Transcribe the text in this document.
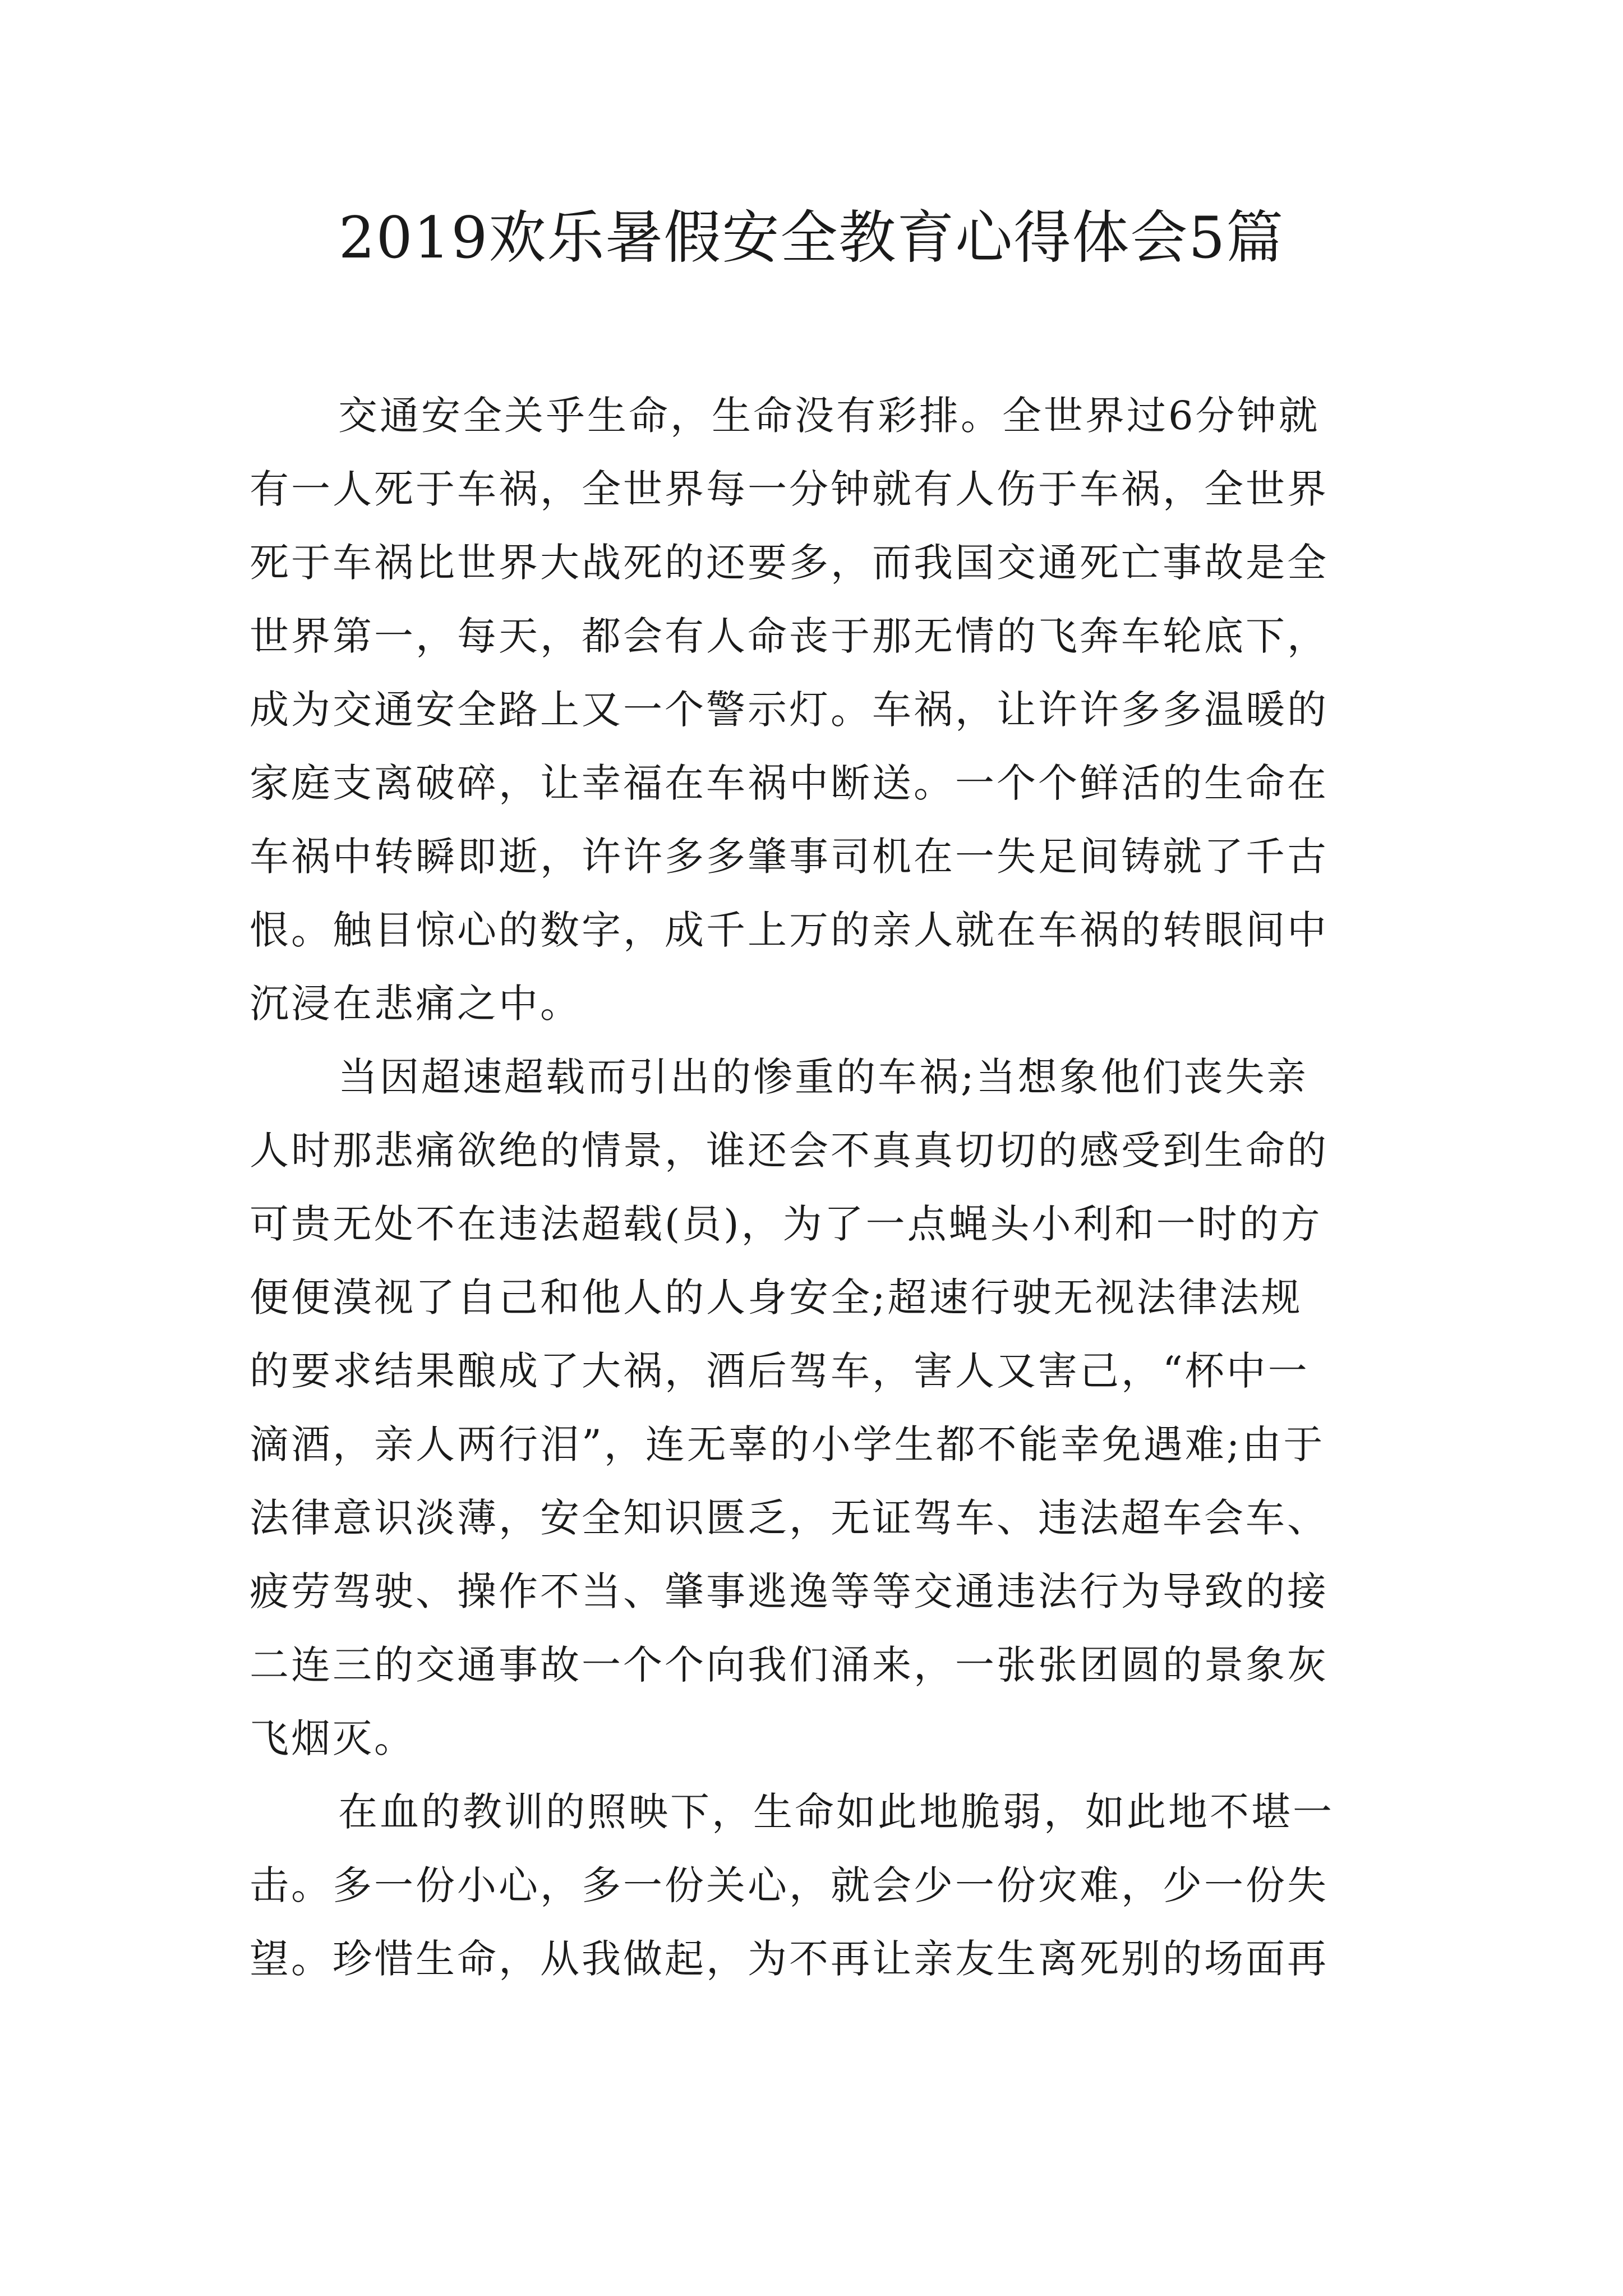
2019欢乐暑假安全教育心得体会5篇
交通安全关乎生命，生命没有彩排。全世界过6分钟就
有一人死于车祸，全世界每一分钟就有人伤于车祸，全世界
死于车祸比世界大战死的还要多，而我国交通死亡事故是全
世界第一，每天，都会有人命丧于那无情的飞奔车轮底下，
成为交通安全路上又一个警示灯。车祸，让许许多多温暖的
家庭支离破碎，让幸福在车祸中断送。一个个鲜活的生命在
车祸中转瞬即逝，许许多多肇事司机在一失足间铸就了千古
恨。触目惊心的数字，成千上万的亲人就在车祸的转眼间中
沉浸在悲痛之中。
当因超速超载而引出的惨重的车祸;当想象他们丧失亲
人时那悲痛欲绝的情景，谁还会不真真切切的感受到生命的
可贵无处不在违法超载(员)，为了一点蝇头小利和一时的方
便便漠视了自己和他人的人身安全;超速行驶无视法律法规
的要求结果酿成了大祸，酒后驾车，害人又害己，“杯中一
滴酒，亲人两行泪”，连无辜的小学生都不能幸免遇难;由于
法律意识淡薄，安全知识匮乏，无证驾车、违法超车会车、
疲劳驾驶、操作不当、肇事逃逸等等交通违法行为导致的接
二连三的交通事故一个个向我们涌来，一张张团圆的景象灰
飞烟灭。
在血的教训的照映下，生命如此地脆弱，如此地不堪一
击。多一份小心，多一份关心，就会少一份灾难，少一份失
望。珍惜生命，从我做起，为不再让亲友生离死别的场面再
